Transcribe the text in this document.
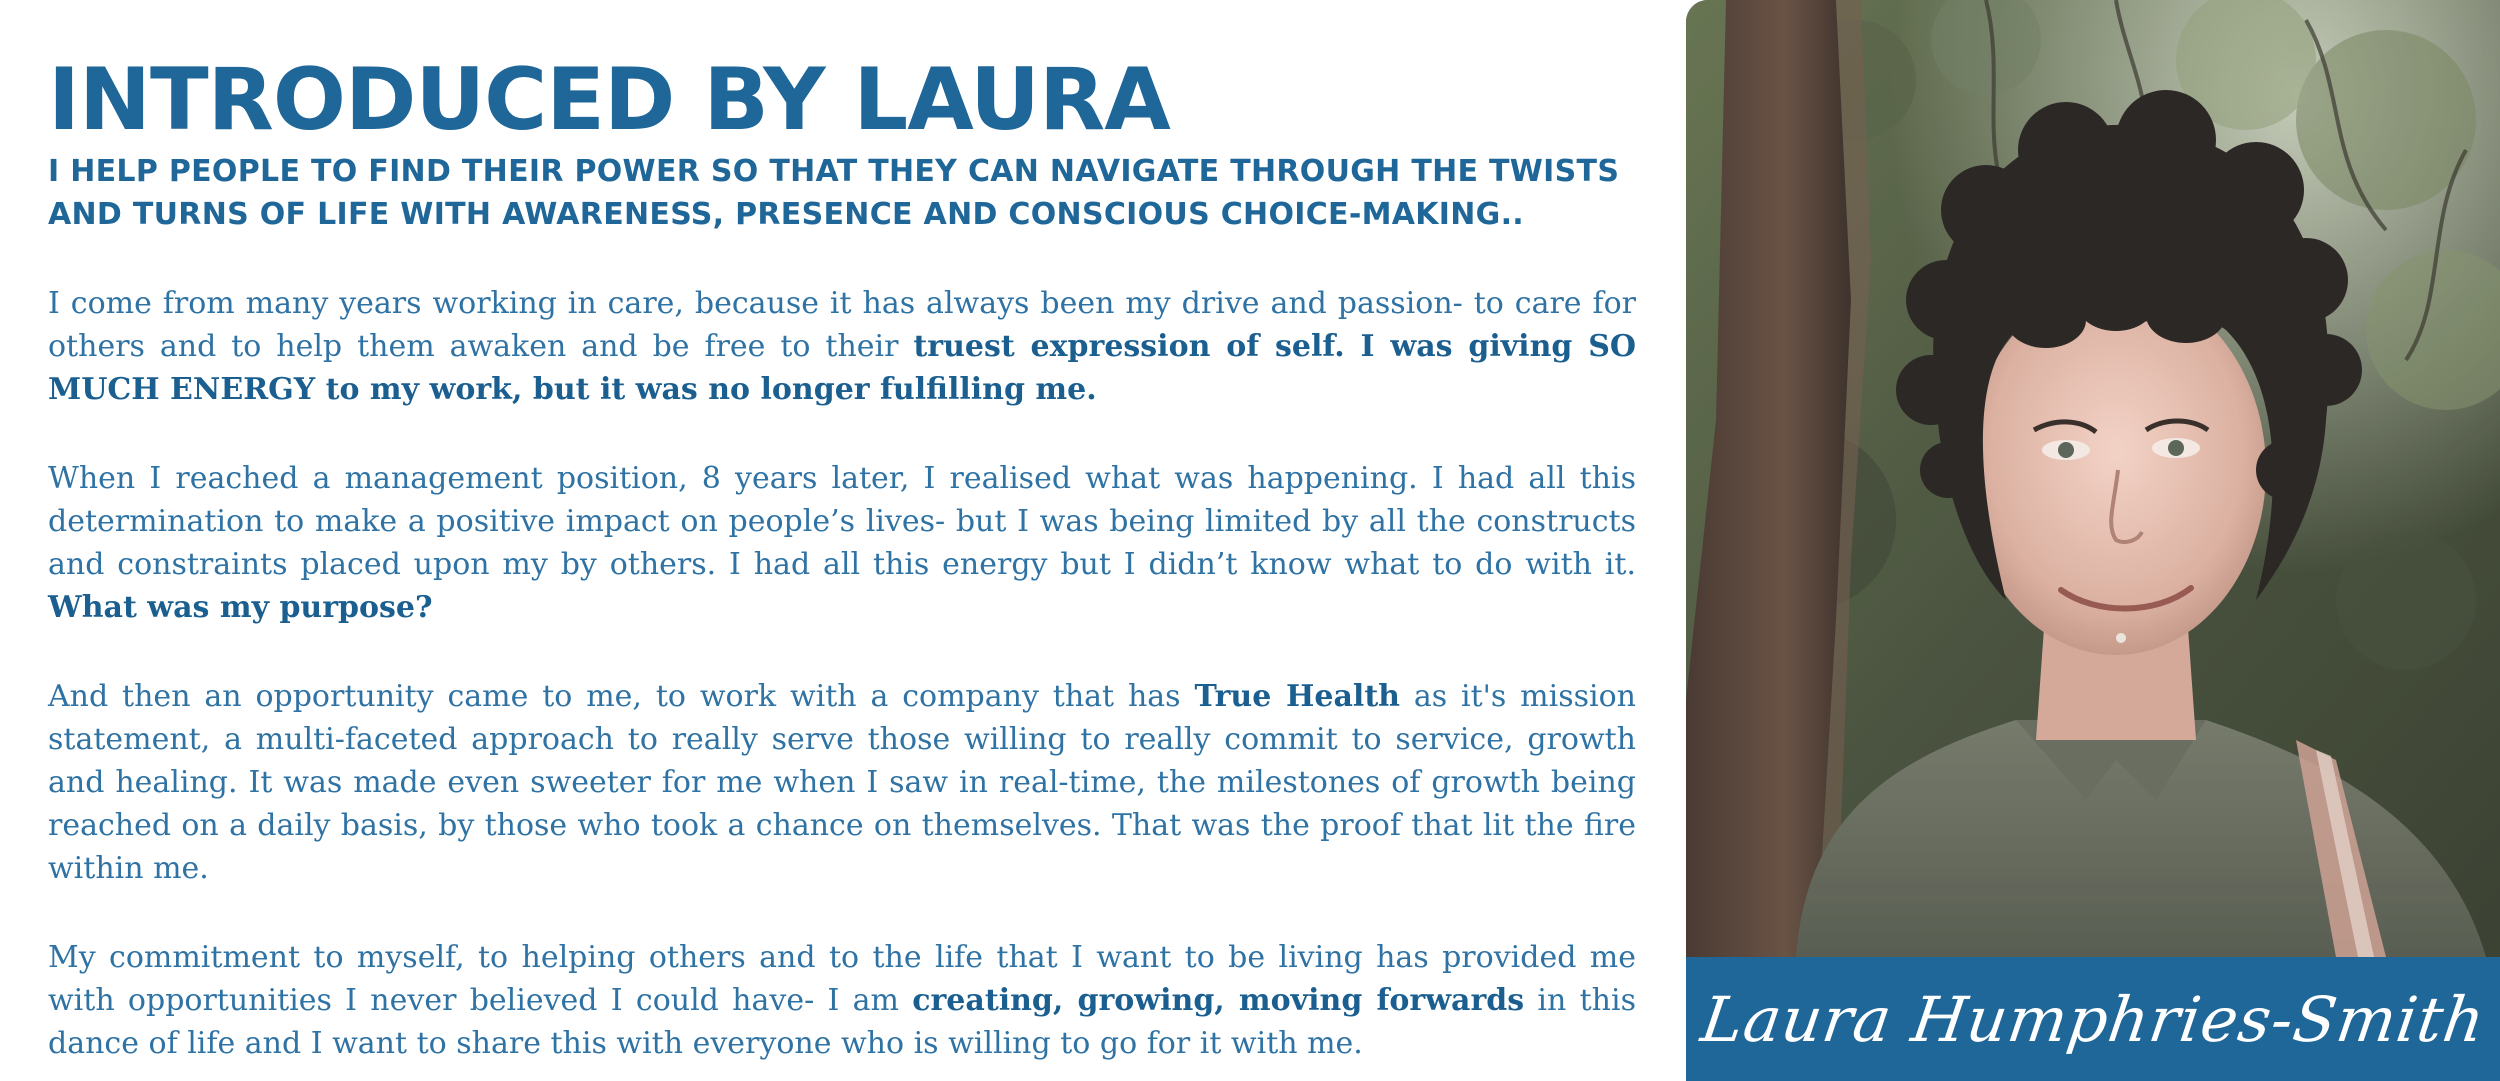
INTRODUCED BY LAURA
I HELP PEOPLE TO FIND THEIR POWER SO THAT THEY CAN NAVIGATE THROUGH THE TWISTS AND TURNS OF LIFE WITH AWARENESS, PRESENCE AND CONSCIOUS CHOICE-MAKING..

I come from many years working in care, because it has always been my drive and passion- to care for others and to help them awaken and be free to their truest expression of self. I was giving SO MUCH ENERGY to my work, but it was no longer fulfilling me.

When I reached a management position, 8 years later, I realised what was happening. I had all this determination to make a positive impact on people’s lives- but I was being limited by all the constructs and constraints placed upon my by others. I had all this energy but I didn’t know what to do with it. What was my purpose?

And then an opportunity came to me, to work with a company that has True Health as it's mission statement, a multi-faceted approach to really serve those willing to really commit to service, growth and healing. It was made even sweeter for me when I saw in real-time, the milestones of growth being reached on a daily basis, by those who took a chance on themselves. That was the proof that lit the fire within me.

My commitment to myself, to helping others and to the life that I want to be living has provided me with opportunities I never believed I could have- I am creating, growing, moving forwards in this dance of life and I want to share this with everyone who is willing to go for it with me.	Laura Humphries-Smith
